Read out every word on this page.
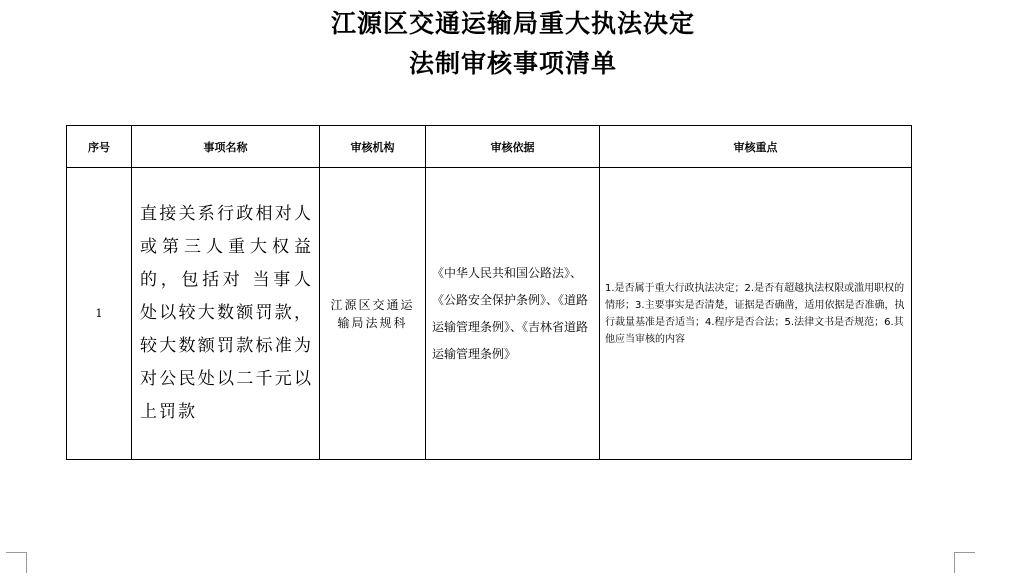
江源区交通运输局重大执法决定
法制审核事项清单
序号	事项名称	审核机构	审核依据	审核重点
1	直接关系行政相对人或第三人重大权益的，包括对 当事人处以较大数额罚款， 较大数额罚款标准为对公民处以二千元以上罚款	江源区交通运输局法规科	《中华人民共和国公路法》、《公路安全保护条例》、《道路运输管理条例》、《吉林省道路运输管理条例》	1.是否属于重大行政执法决定；2.是否有超越执法权限或滥用职权的情形；3.主要事实是否清楚，证据是否确凿，适用依据是否准确，执行裁量基准是否适当；4.程序是否合法；5.法律文书是否规范；6.其他应当审核的内容
